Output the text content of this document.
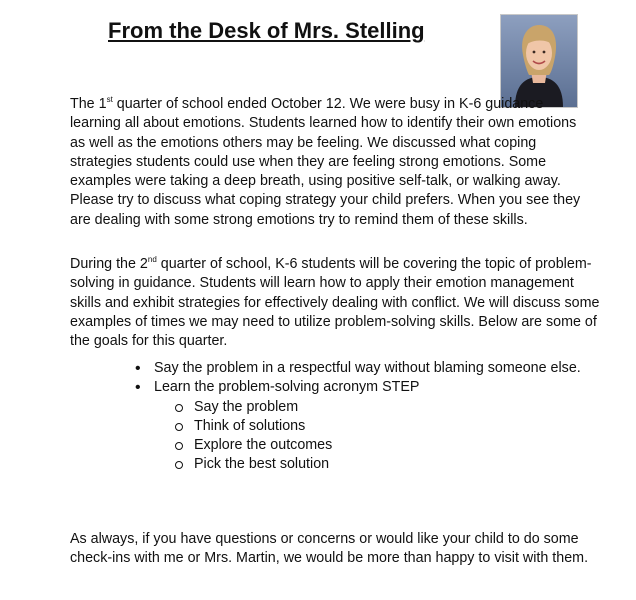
From the Desk of Mrs. Stelling

The 1st quarter of school ended October 12. We were busy in K-6 guidance learning all about emotions. Students learned how to identify their own emotions as well as the emotions others may be feeling. We discussed what coping strategies students could use when they are feeling strong emotions. Some examples were taking a deep breath, using positive self-talk, or walking away. Please try to discuss what coping strategy your child prefers. When you see they are dealing with some strong emotions try to remind them of these skills.

During the 2nd quarter of school, K-6 students will be covering the topic of problem-solving in guidance. Students will learn how to apply their emotion management skills and exhibit strategies for effectively dealing with conflict. We will discuss some examples of times we may need to utilize problem-solving skills. Below are some of the goals for this quarter.

• Say the problem in a respectful way without blaming someone else.
• Learn the problem-solving acronym STEP
Say the problem
Think of solutions
Explore the outcomes
Pick the best solution

As always, if you have questions or concerns or would like your child to do some check-ins with me or Mrs. Martin, we would be more than happy to visit with them.
